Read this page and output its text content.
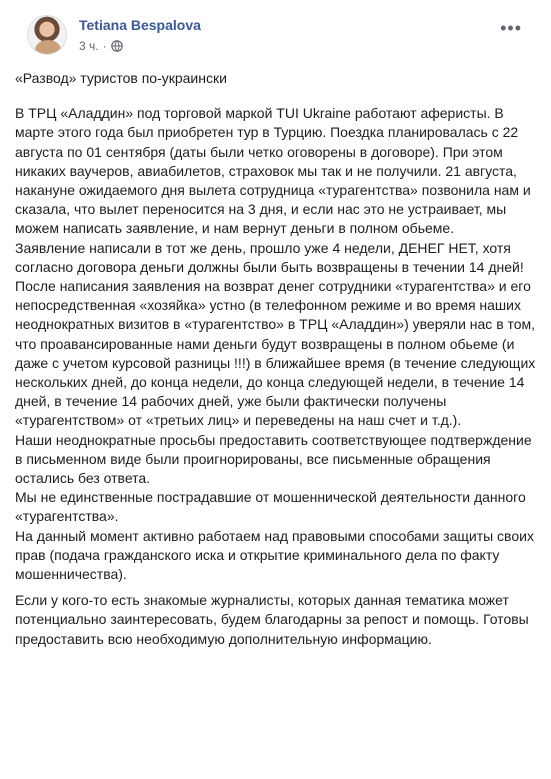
Tetiana Bespalova
3 ч. ·
•••

«Развод» туристов по-украински

В ТРЦ «Аладдин» под торговой маркой TUI Ukraine работают аферисты. В марте этого года был приобретен тур в Турцию. Поездка планировалась с 22 августа по 01 сентября (даты были четко оговорены в договоре). При этом никаких ваучеров, авиабилетов, страховок мы так и не получили. 21 августа, накануне ожидаемого дня вылета сотрудница «турагентства» позвонила нам и сказала, что вылет переносится на 3 дня, и если нас это не устраивает, мы можем написать заявление, и нам вернут деньги в полном обьеме.
Заявление написали в тот же день, прошло уже 4 недели, ДЕНЕГ НЕТ, хотя согласно договора деньги должны были быть возвращены в течении 14 дней!
После написания заявления на возврат денег сотрудники «турагентства» и его непосредственная «хозяйка» устно (в телефонном режиме и во время наших неоднократных визитов в «турагентство» в ТРЦ «Аладдин») уверяли нас в том, что проавансированные нами деньги будут возвращены в полном обьеме (и даже с учетом курсовой разницы !!!) в ближайшее время (в течение следующих нескольких дней, до конца недели, до конца следующей недели, в течение 14 дней, в течение 14 рабочих дней, уже были фактически получены «турагентством» от «третьих лиц» и переведены на наш счет и т.д.).
Наши неоднократные просьбы предоставить соответствующее подтверждение в письменном виде были проигнорированы, все письменные обращения остались без ответа.
Мы не единственные пострадавшие от мошеннической деятельности данного «турагентства».
На данный момент активно работаем над правовыми способами защиты своих прав (подача гражданского иска и открытие криминального дела по факту мошенничества).

Если у кого-то есть знакомые журналисты, которых данная тематика может потенциально заинтересовать, будем благодарны за репост и помощь. Готовы предоставить всю необходимую дополнительную информацию.
